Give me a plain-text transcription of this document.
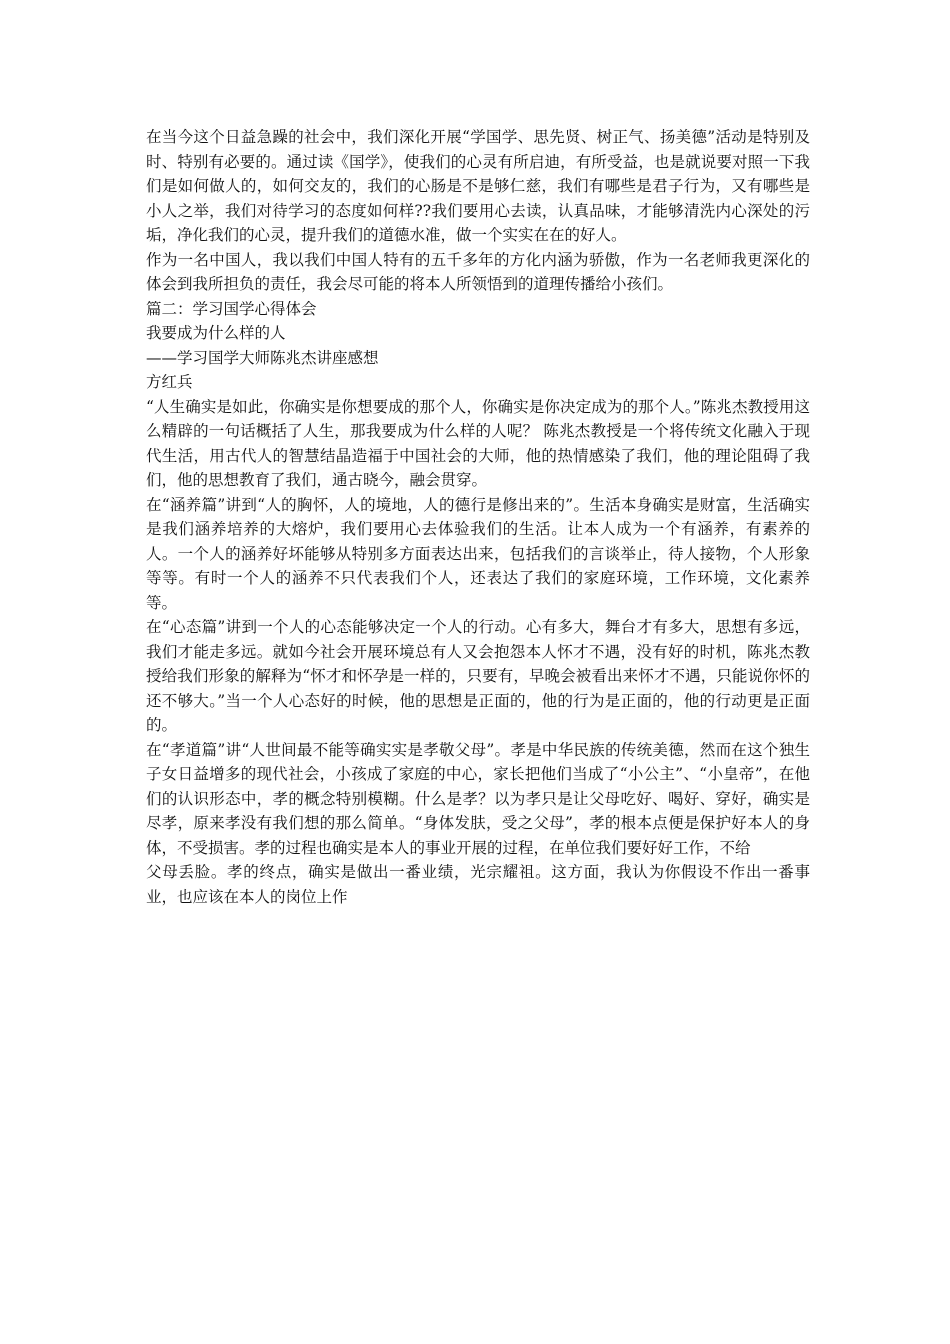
在当今这个日益急躁的社会中，我们深化开展“学国学、思先贤、树正气、扬美德”活动是特别及时、特别有必要的。通过读《国学》，使我们的心灵有所启迪，有所受益，也是就说要对照一下我们是如何做人的，如何交友的，我们的心肠是不是够仁慈，我们有哪些是君子行为，又有哪些是小人之举，我们对待学习的态度如何样??我们要用心去读，认真品味，才能够清洗内心深处的污垢，净化我们的心灵，提升我们的道德水准，做一个实实在在的好人。

作为一名中国人，我以我们中国人特有的五千多年的方化内涵为骄傲，作为一名老师我更深化的体会到我所担负的责任，我会尽可能的将本人所领悟到的道理传播给小孩们。

篇二：学习国学心得体会

我要成为什么样的人

——学习国学大师陈兆杰讲座感想

方红兵

“人生确实是如此，你确实是你想要成的那个人，你确实是你决定成为的那个人。”陈兆杰教授用这么精辟的一句话概括了人生，那我要成为什么样的人呢？ 陈兆杰教授是一个将传统文化融入于现代生活，用古代人的智慧结晶造福于中国社会的大师，他的热情感染了我们，他的理论阻碍了我们，他的思想教育了我们，通古晓今，融会贯穿。

在“涵养篇”讲到“人的胸怀，人的境地，人的德行是修出来的”。生活本身确实是财富，生活确实是我们涵养培养的大熔炉，我们要用心去体验我们的生活。让本人成为一个有涵养，有素养的人。一个人的涵养好坏能够从特别多方面表达出来，包括我们的言谈举止，待人接物，个人形象等等。有时一个人的涵养不只代表我们个人，还表达了我们的家庭环境，工作环境，文化素养等。

在“心态篇”讲到一个人的心态能够决定一个人的行动。心有多大，舞台才有多大，思想有多远，我们才能走多远。就如今社会开展环境总有人又会抱怨本人怀才不遇，没有好的时机，陈兆杰教授给我们形象的解释为“怀才和怀孕是一样的，只要有，早晚会被看出来怀才不遇，只能说你怀的还不够大。”当一个人心态好的时候，他的思想是正面的，他的行为是正面的，他的行动更是正面的。

在“孝道篇”讲“人世间最不能等确实实是孝敬父母”。孝是中华民族的传统美德，然而在这个独生子女日益增多的现代社会，小孩成了家庭的中心，家长把他们当成了“小公主”、“小皇帝”，在他们的认识形态中，孝的概念特别模糊。什么是孝？以为孝只是让父母吃好、喝好、穿好，确实是尽孝，原来孝没有我们想的那么简单。“身体发肤，受之父母”，孝的根本点便是保护好本人的身体，不受损害。孝的过程也确实是本人的事业开展的过程，在单位我们要好好工作，不给

父母丢脸。孝的终点，确实是做出一番业绩，光宗耀祖。这方面，我认为你假设不作出一番事业，也应该在本人的岗位上作
